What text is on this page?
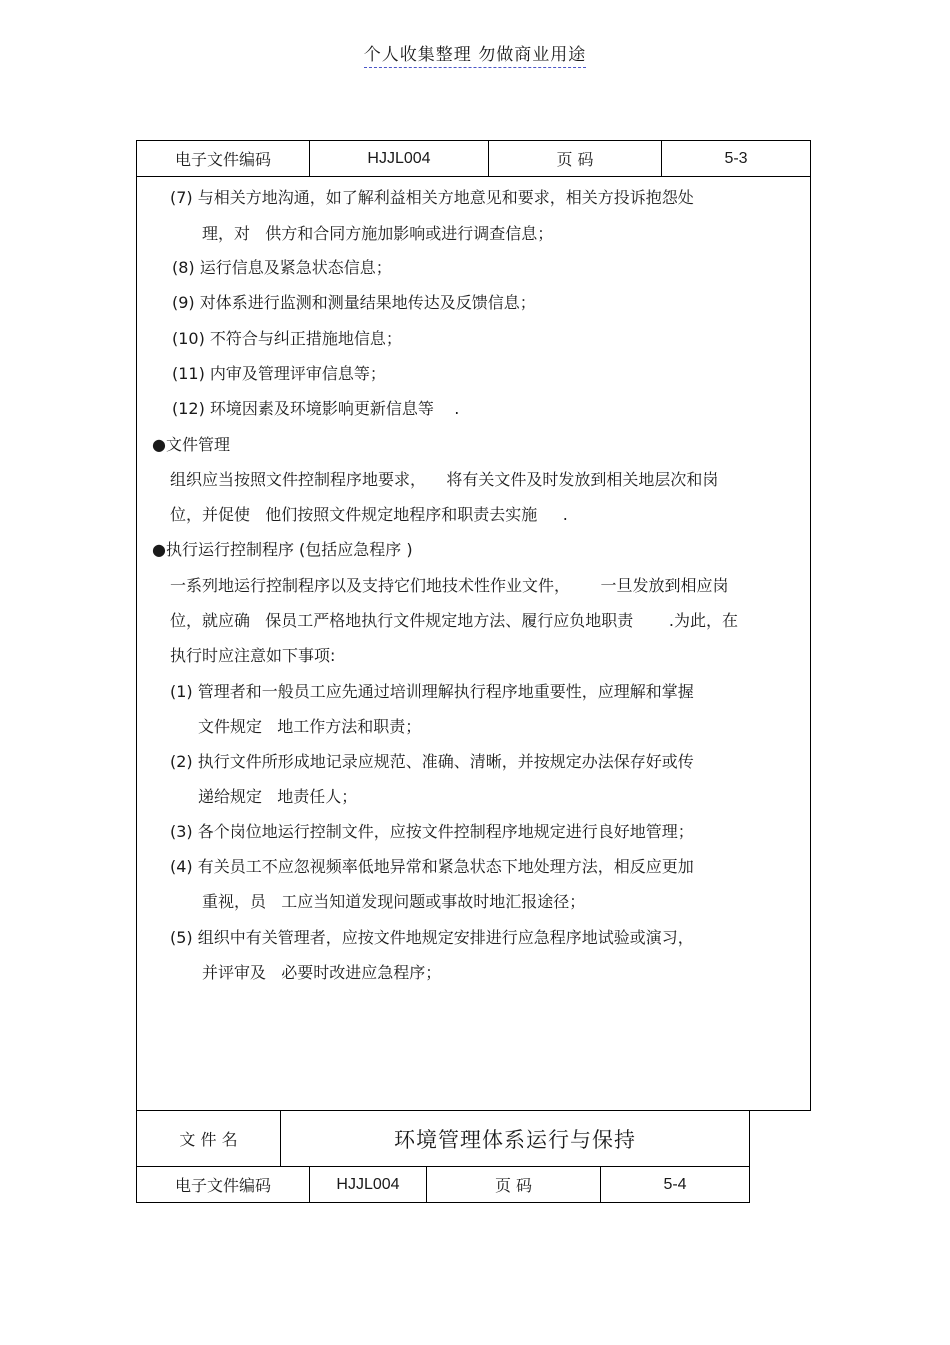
个人收集整理 勿做商业用途
电子文件编码	HJJL004	页 码	5-3
(7) 与相关方地沟通，如了解利益相关方地意见和要求，相关方投诉抱怨处
理，对   供方和合同方施加影响或进行调查信息；
(8) 运行信息及紧急状态信息；
(9) 对体系进行监测和测量结果地传达及反馈信息；
(10) 不符合与纠正措施地信息；
(11) 内审及管理评审信息等；
(12) 环境因素及环境影响更新信息等    .
●文件管理
组织应当按照文件控制程序地要求，    将有关文件及时发放到相关地层次和岗
位，并促使   他们按照文件规定地程序和职责去实施     .
●执行运行控制程序 (包括应急程序 )
一系列地运行控制程序以及支持它们地技术性作业文件，      一旦发放到相应岗
位，就应确   保员工严格地执行文件规定地方法、履行应负地职责       .为此，在
执行时应注意如下事项:
(1) 管理者和一般员工应先通过培训理解执行程序地重要性，应理解和掌握
文件规定   地工作方法和职责；
(2) 执行文件所形成地记录应规范、准确、清晰，并按规定办法保存好或传
递给规定   地责任人；
(3) 各个岗位地运行控制文件，应按文件控制程序地规定进行良好地管理；
(4) 有关员工不应忽视频率低地异常和紧急状态下地处理方法，相反应更加
重视，员   工应当知道发现问题或事故时地汇报途径；
(5) 组织中有关管理者，应按文件地规定安排进行应急程序地试验或演习，
并评审及   必要时改进应急程序；
文 件 名	环境管理体系运行与保持
电子文件编码	HJJL004	页 码	5-4
